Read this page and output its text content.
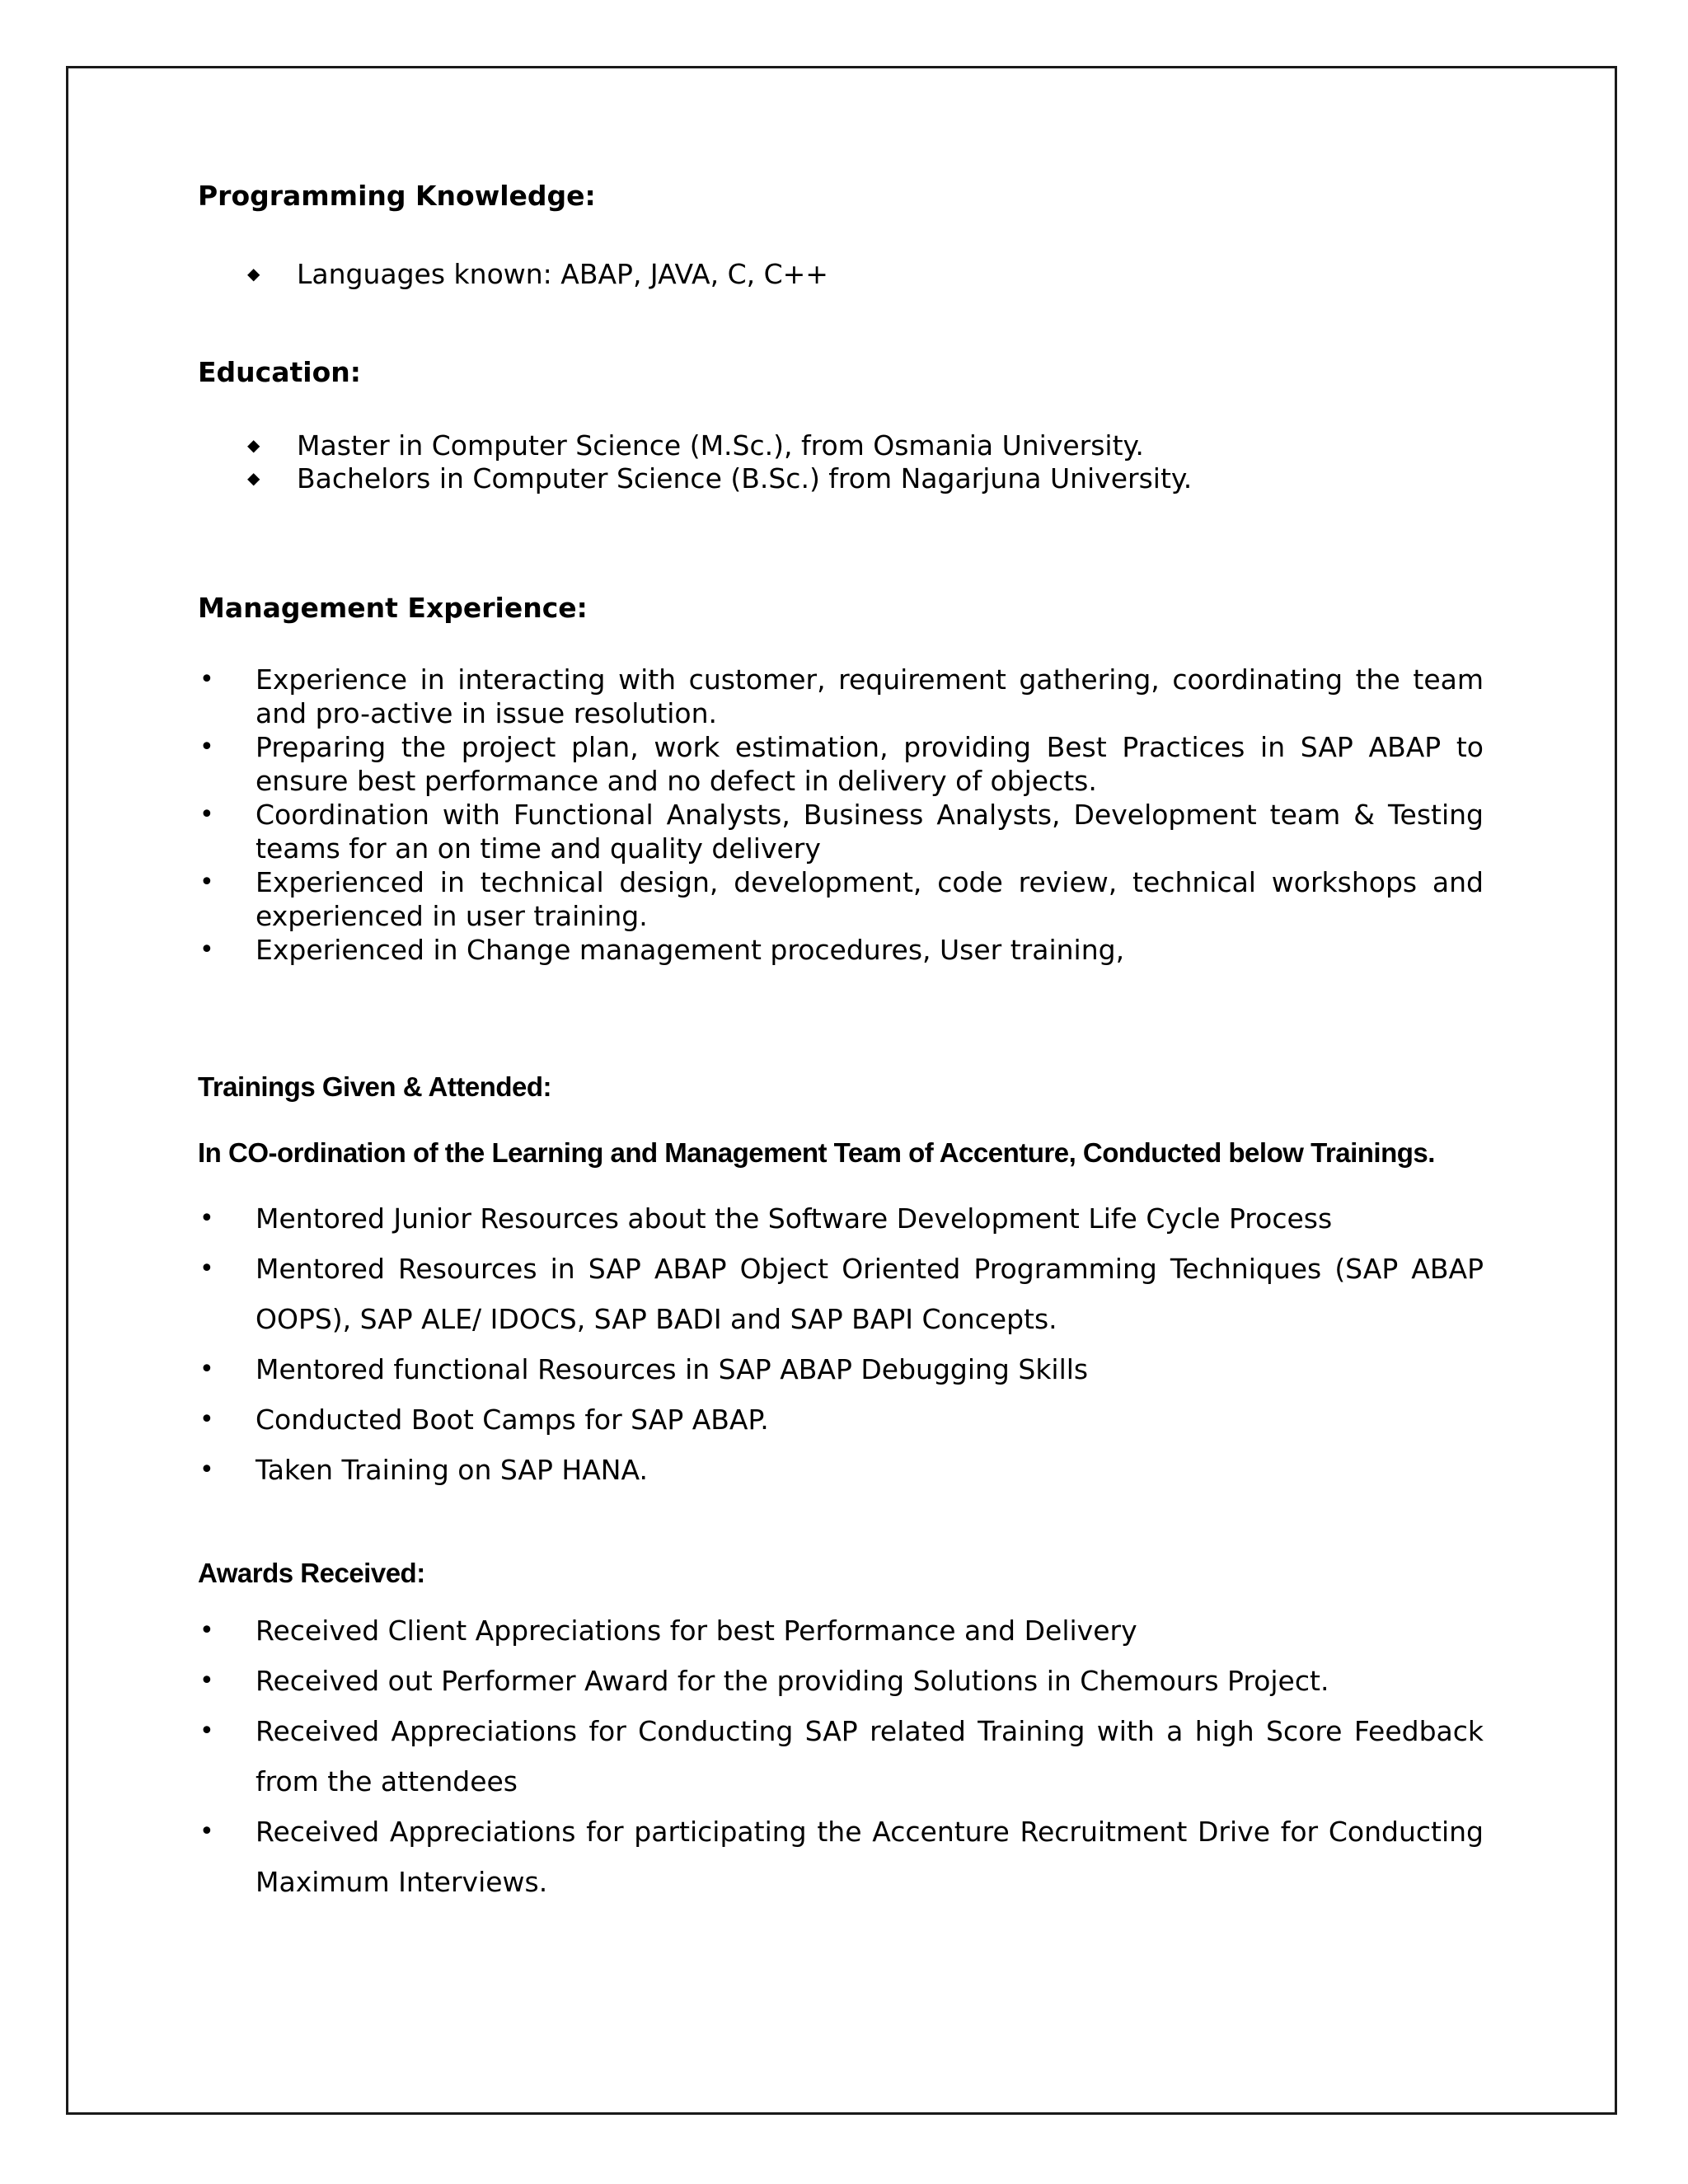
Programming Knowledge:
◆ Languages known: ABAP, JAVA, C, C++
Education:
◆ Master in Computer Science (M.Sc.), from Osmania University.
◆ Bachelors in Computer Science (B.Sc.) from Nagarjuna University.
Management Experience:
• Experience in interacting with customer, requirement gathering, coordinating the team and pro-active in issue resolution.
• Preparing the project plan, work estimation, providing Best Practices in SAP ABAP to ensure best performance and no defect in delivery of objects.
• Coordination with Functional Analysts, Business Analysts, Development team & Testing teams for an on time and quality delivery
• Experienced in technical design, development, code review, technical workshops and experienced in user training.
• Experienced in Change management procedures, User training,
Trainings Given & Attended:
In CO-ordination of the Learning and Management Team of Accenture, Conducted below Trainings.
• Mentored Junior Resources about the Software Development Life Cycle Process
• Mentored Resources in SAP ABAP Object Oriented Programming Techniques (SAP ABAP OOPS), SAP ALE/ IDOCS, SAP BADI and SAP BAPI Concepts.
• Mentored functional Resources in SAP ABAP Debugging Skills
• Conducted Boot Camps for SAP ABAP.
• Taken Training on SAP HANA.
Awards Received:
• Received Client Appreciations for best Performance and Delivery
• Received out Performer Award for the providing Solutions in Chemours Project.
• Received Appreciations for Conducting SAP related Training with a high Score Feedback from the attendees
• Received Appreciations for participating the Accenture Recruitment Drive for Conducting Maximum Interviews.
